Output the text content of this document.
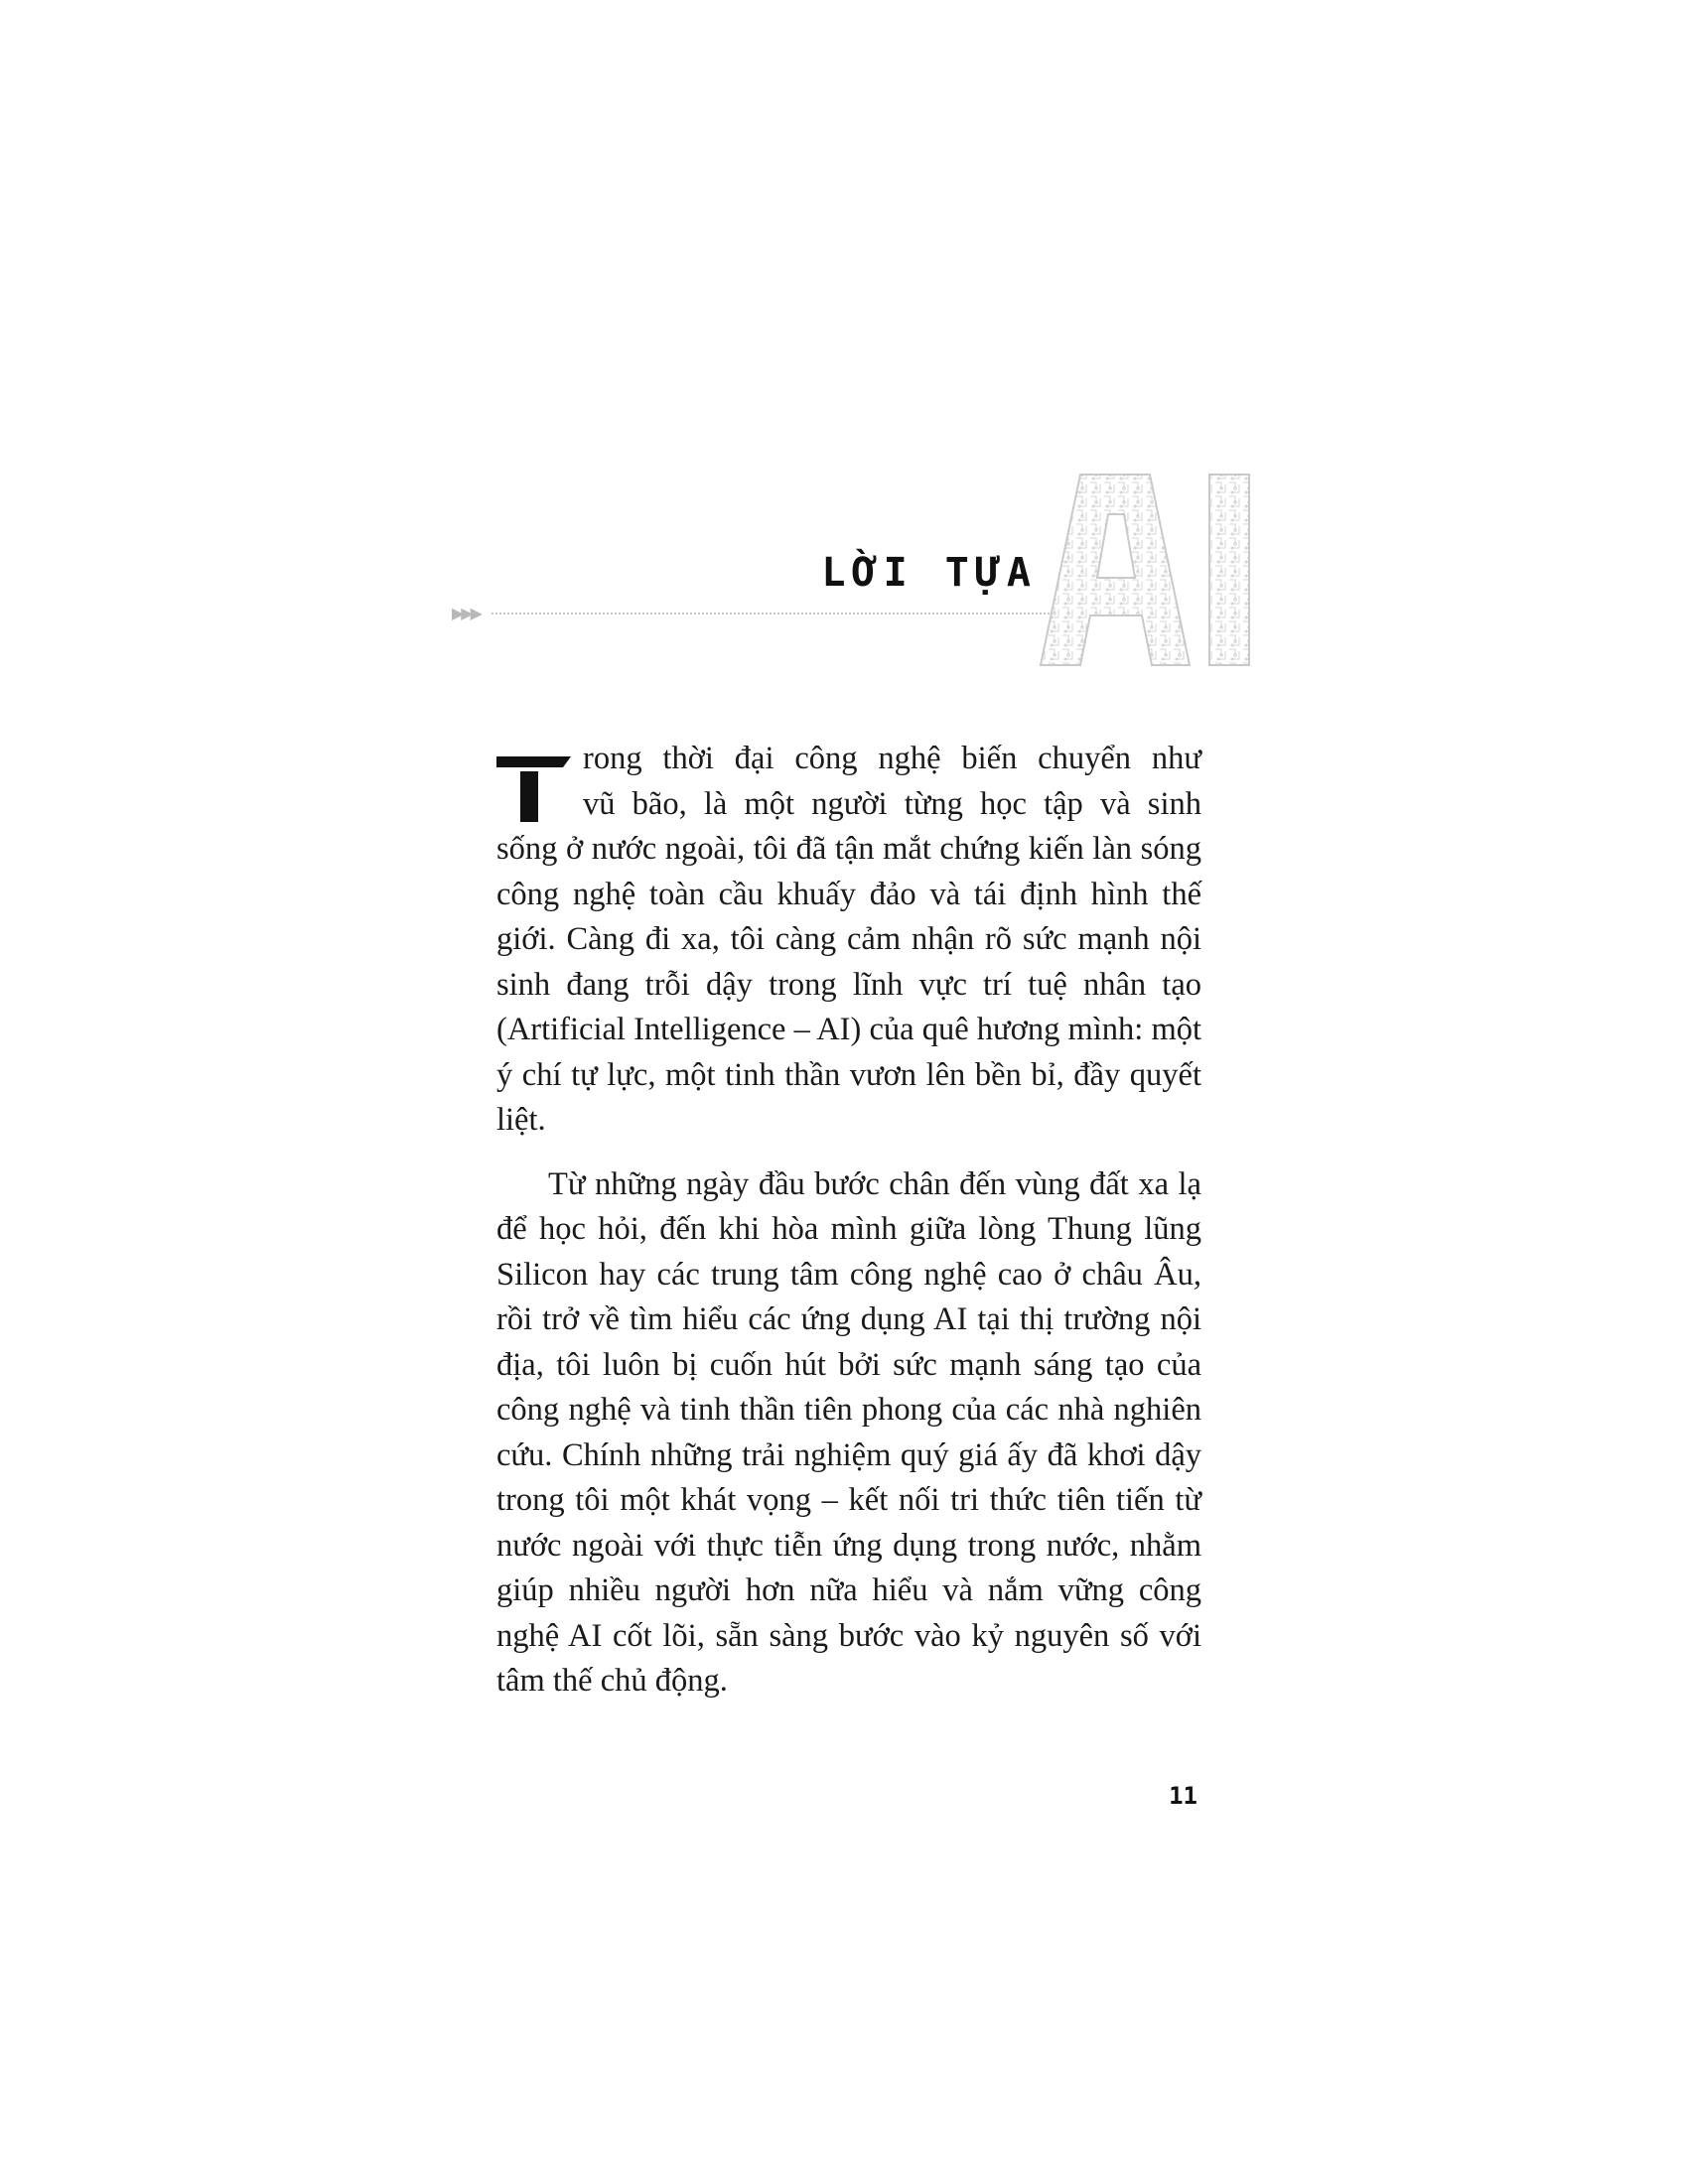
▶▶▶
LỜI TỰA

rong thời đại công nghệ biến chuyển như
vũ bão, là một người từng học tập và sinh
sống ở nước ngoài, tôi đã tận mắt chứng kiến làn sóng công nghệ toàn cầu khuấy đảo và tái định hình thế giới. Càng đi xa, tôi càng cảm nhận rõ sức mạnh nội sinh đang trỗi dậy trong lĩnh vực trí tuệ nhân tạo (Artificial Intelligence – AI) của quê hương mình: một ý chí tự lực, một tinh thần vươn lên bền bỉ, đầy quyết liệt.

Từ những ngày đầu bước chân đến vùng đất xa lạ để học hỏi, đến khi hòa mình giữa lòng Thung lũng Silicon hay các trung tâm công nghệ cao ở châu Âu, rồi trở về tìm hiểu các ứng dụng AI tại thị trường nội địa, tôi luôn bị cuốn hút bởi sức mạnh sáng tạo của công nghệ và tinh thần tiên phong của các nhà nghiên cứu. Chính những trải nghiệm quý giá ấy đã khơi dậy trong tôi một khát vọng – kết nối tri thức tiên tiến từ nước ngoài với thực tiễn ứng dụng trong nước, nhằm giúp nhiều người hơn nữa hiểu và nắm vững công nghệ AI cốt lõi, sẵn sàng bước vào kỷ nguyên số với tâm thế chủ động.

11
